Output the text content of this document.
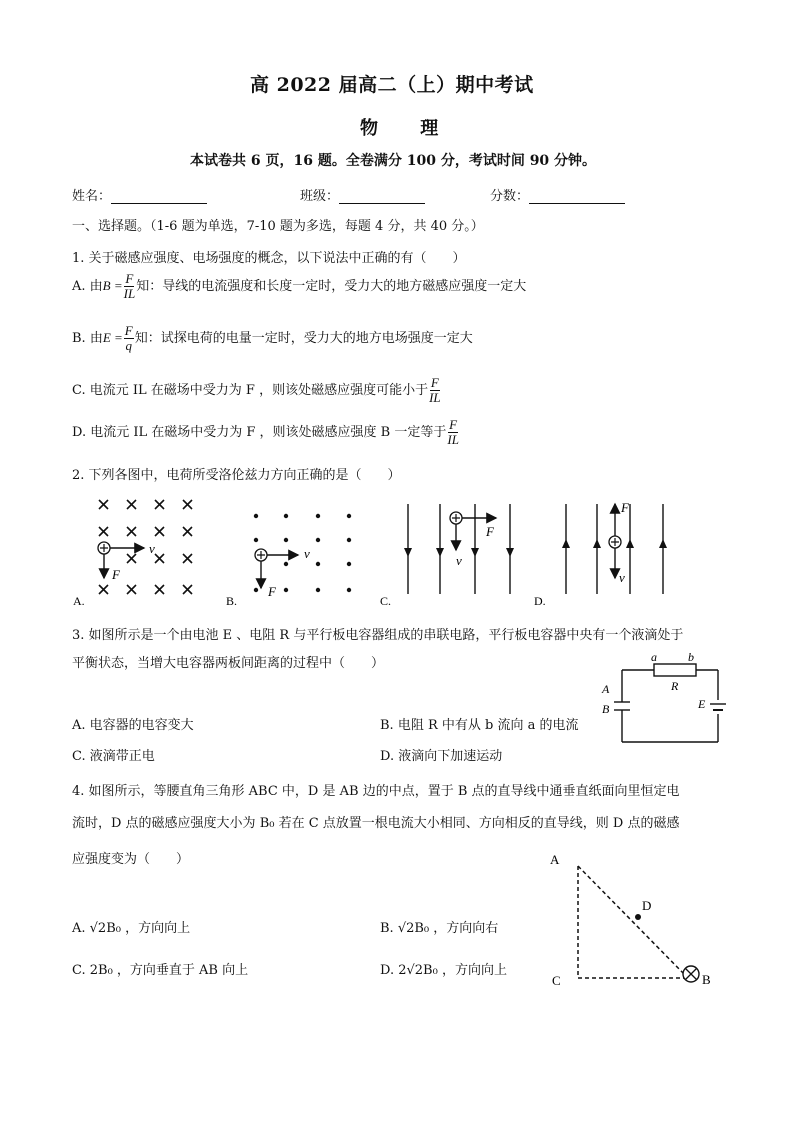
高 2022 届高二（上）期中考试
物 理
本试卷共 6 页，16 题。全卷满分 100 分，考试时间 90 分钟。
姓名：	班级：	分数：
一、选择题。（1-6 题为单选，7-10 题为多选，每题 4 分，共 40 分。）
1. 关于磁感应强度、电场强度的概念，以下说法中正确的有（　　）
A. 由$B = \frac{F}{IL}$ 知：导线的电流强度和长度一定时，受力大的地方磁感应强度一定大
B. 由$E = \frac{F}{q}$ 知：试探电荷的电量一定时，受力大的地方电场强度一定大
C. 电流元 IL 在磁场中受力为 F ，则该处磁感应强度可能小于 $\frac{F}{IL}$
D. 电流元 IL 在磁场中受力为 F ，则该处磁感应强度 B 一定等于 $\frac{F}{IL}$
2. 下列各图中，电荷所受洛伦兹力方向正确的是（　　）
v
F
A.
v
F
B.
F
v
C.
F
v
D.
3. 如图所示是一个由电池 E 、电阻 R 与平行板电容器组成的串联电路，平行板电容器中央有一个液滴处于
平衡状态，当增大电容器两板间距离的过程中（　　）	a	b
R
A
B	E
A. 电容器的电容变大	B. 电阻 R 中有从 b 流向 a 的电流
C. 液滴带正电	D. 液滴向下加速运动
4. 如图所示，等腰直角三角形 ABC 中，D 是 AB 边的中点，置于 B 点的直导线中通垂直纸面向里恒定电
流时，D 点的磁感应强度大小为 B₀ 若在 C 点放置一根电流大小相同、方向相反的直导线，则 D 点的磁感
应强度变为（　　）	A
C
D
B
A. √2B₀ ，方向向上	B. √2B₀ ，方向向右
C. 2B₀ ，方向垂直于 AB 向上	D. 2√2B₀ ，方向向上
